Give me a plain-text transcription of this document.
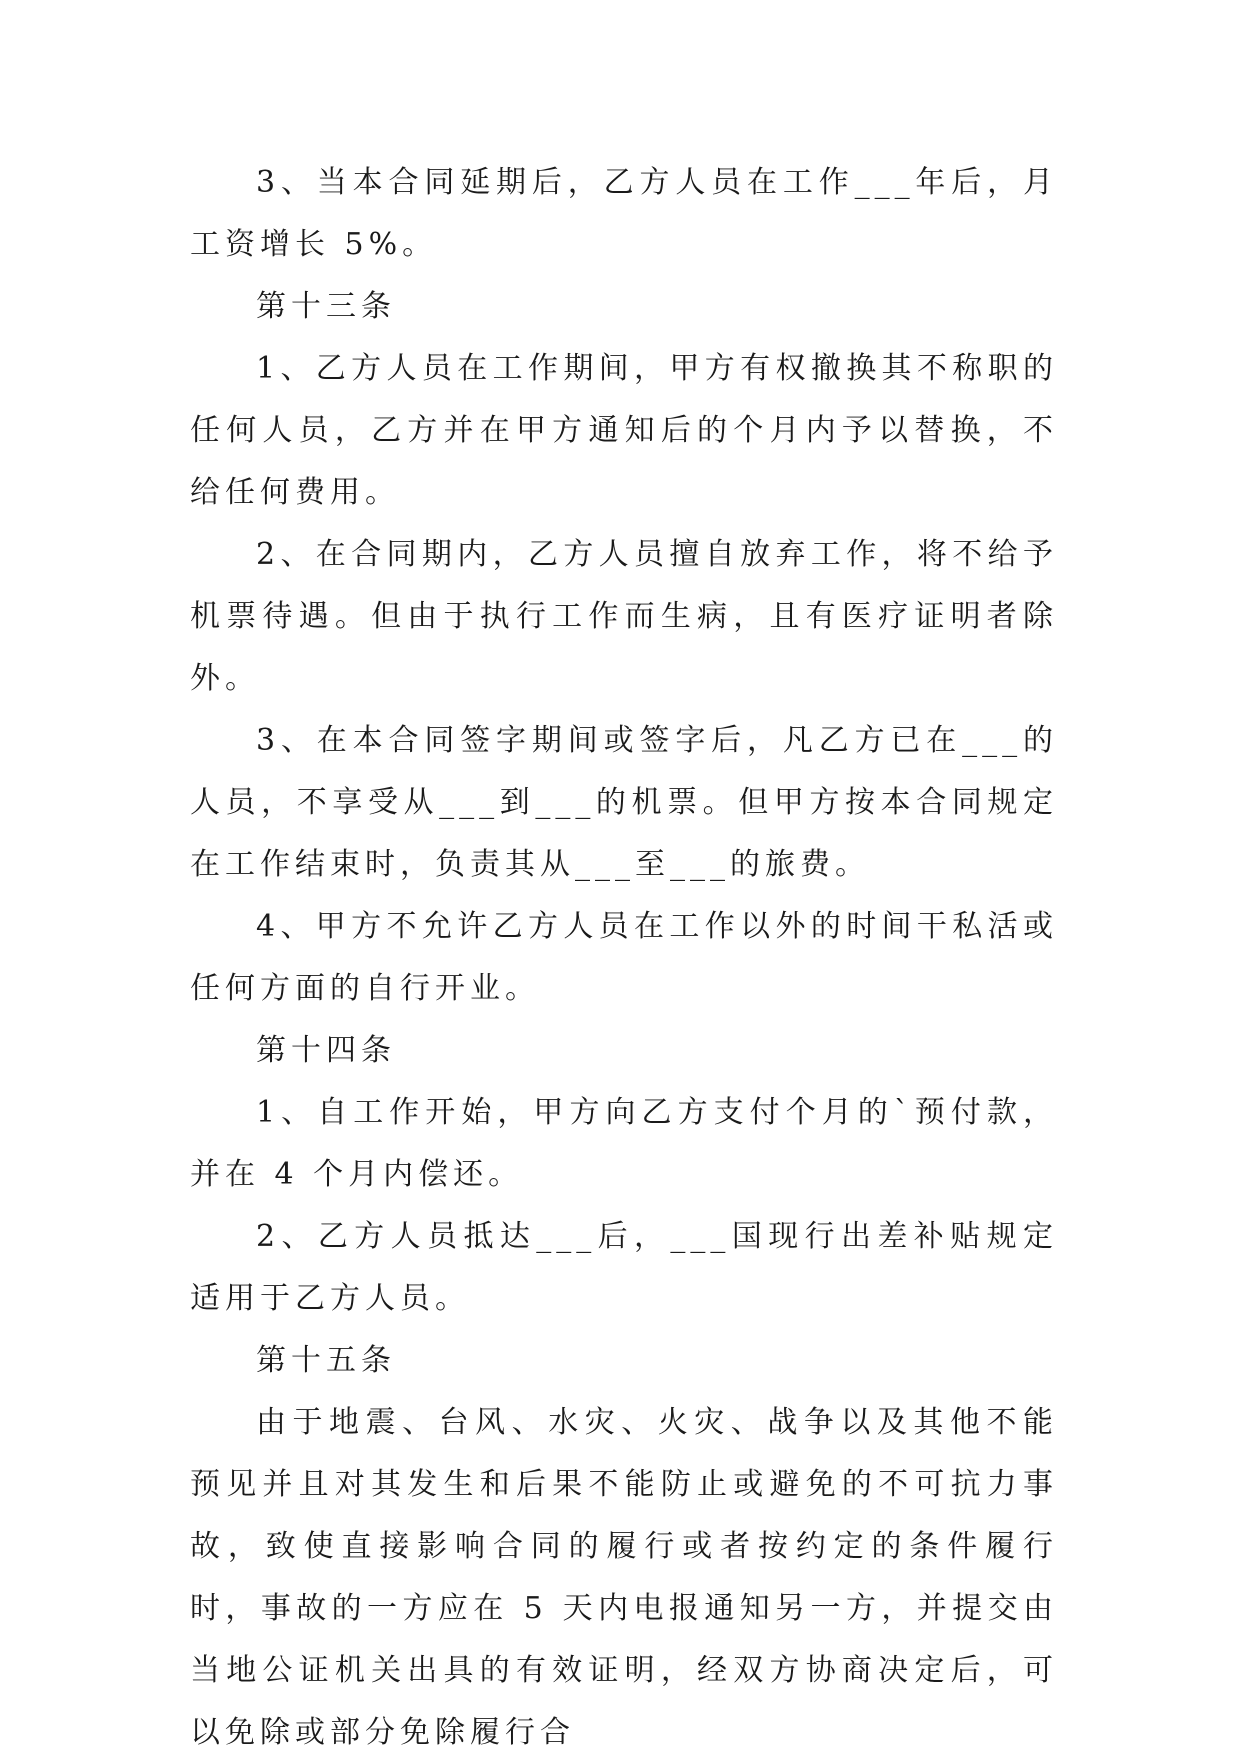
3、当本合同延期后，乙方人员在工作___年后，月工资增长 5%。

第十三条

1、乙方人员在工作期间，甲方有权撤换其不称职的任何人员，乙方并在甲方通知后的个月内予以替换，不给任何费用。

2、在合同期内，乙方人员擅自放弃工作，将不给予机票待遇。但由于执行工作而生病，且有医疗证明者除外。

3、在本合同签字期间或签字后，凡乙方已在___的人员，不享受从___到___的机票。但甲方按本合同规定在工作结束时，负责其从___至___的旅费。

4、甲方不允许乙方人员在工作以外的时间干私活或任何方面的自行开业。

第十四条

1、自工作开始，甲方向乙方支付个月的`预付款，并在 4 个月内偿还。

2、乙方人员抵达___后，___国现行出差补贴规定适用于乙方人员。

第十五条

由于地震、台风、水灾、火灾、战争以及其他不能预见并且对其发生和后果不能防止或避免的不可抗力事故，致使直接影响合同的履行或者按约定的条件履行时，事故的一方应在 5 天内电报通知另一方，并提交由当地公证机关出具的有效证明，经双方协商决定后，可以免除或部分免除履行合
